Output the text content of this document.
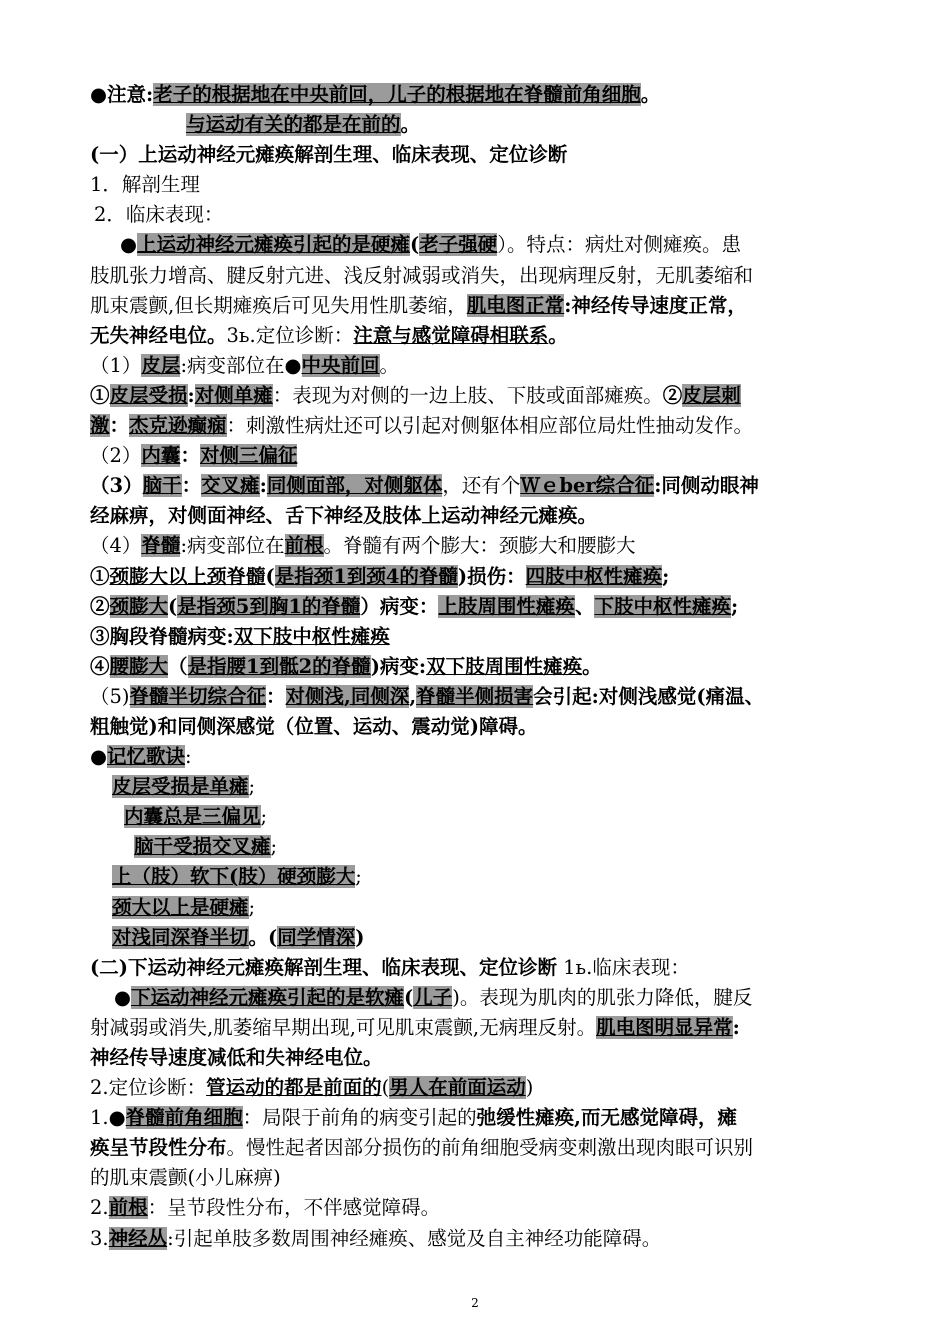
●注意:老子的根据地在中央前回，儿子的根据地在脊髓前角细胞。
与运动有关的都是在前的。
(一）上运动神经元瘫痪解剖生理、临床表现、定位诊断
1．解剖生理
2．临床表现：
●上运动神经元瘫痪引起的是硬瘫(老子强硬）。特点：病灶对侧瘫痪。患
肢肌张力增高、腱反射亢进、浅反射减弱或消失，出现病理反射，无肌萎缩和
肌束震颤,但长期瘫痪后可见失用性肌萎缩，肌电图正常:神经传导速度正常，
无失神经电位。3ь.定位诊断：注意与感觉障碍相联系。
（1）皮层:病变部位在●中央前回。
①皮层受损:对侧单瘫：表现为对侧的一边上肢、下肢或面部瘫痪。②皮层刺
激：杰克逊癫痫：刺激性病灶还可以引起对侧躯体相应部位局灶性抽动发作。
（2）内囊：对侧三偏征
（3）脑干：交叉瘫:同侧面部，对侧躯体，还有个Ｗｅber综合征:同侧动眼神
经麻痹，对侧面神经、舌下神经及肢体上运动神经元瘫痪。
（4）脊髓:病变部位在前根。脊髓有两个膨大：颈膨大和腰膨大
①颈膨大以上颈脊髓(是指颈1到颈4的脊髓)损伤：四肢中枢性瘫痪;
②颈膨大(是指颈5到胸1的脊髓）病变：上肢周围性瘫痪、下肢中枢性瘫痪;
③胸段脊髓病变:双下肢中枢性瘫痪
④腰膨大（是指腰1到骶2的脊髓)病变:双下肢周围性瘫痪。
（5)脊髓半切综合征：对侧浅,同侧深,脊髓半侧损害会引起:对侧浅感觉(痛温、
粗触觉)和同侧深感觉（位置、运动、震动觉)障碍。
●记忆歌诀:
皮层受损是单瘫;
内囊总是三偏见;
脑干受损交叉瘫;
上（肢）软下(肢）硬颈膨大;
颈大以上是硬瘫;
对浅同深脊半切。(同学情深)
(二)下运动神经元瘫痪解剖生理、临床表现、定位诊断 1ь.临床表现：
●下运动神经元瘫痪引起的是软瘫(儿子)。表现为肌肉的肌张力降低，腱反
射减弱或消失,肌萎缩早期出现,可见肌束震颤,无病理反射。肌电图明显异常:
神经传导速度减低和失神经电位。
2.定位诊断：管运动的都是前面的(男人在前面运动)
1.●脊髓前角细胞：局限于前角的病变引起的弛缓性瘫痪,而无感觉障碍，瘫
痪呈节段性分布。慢性起者因部分损伤的前角细胞受病变刺激出现肉眼可识别
的肌束震颤(小儿麻痹)
2.前根：呈节段性分布，不伴感觉障碍。
3.神经丛:引起单肢多数周围神经瘫痪、感觉及自主神经功能障碍。
2
